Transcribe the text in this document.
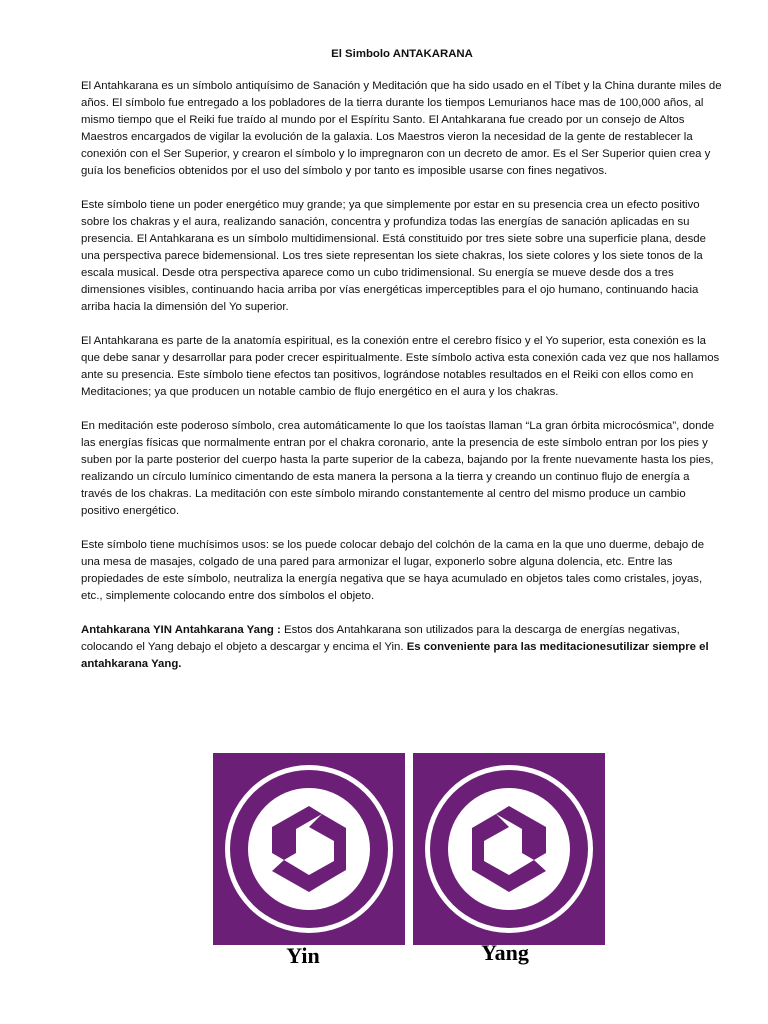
El Simbolo ANTAKARANA

El Antahkarana es un símbolo antiquísimo de Sanación y Meditación que ha sido usado en el Tíbet y la China durante miles de años. El símbolo fue entregado a los pobladores de la tierra durante los tiempos Lemurianos hace mas de 100,000 años, al mismo tiempo que el Reiki fue traído al mundo por el Espíritu Santo. El Antahkarana fue creado por un consejo de Altos Maestros encargados de vigilar la evolución de la galaxia. Los Maestros vieron la necesidad de la gente de restablecer la conexión con el Ser Superior, y crearon el símbolo y lo impregnaron con un decreto de amor. Es el Ser Superior quien crea y guía los beneficios obtenidos por el uso del símbolo y por tanto es imposible usarse con fines negativos.

Este símbolo tiene un poder energético muy grande; ya que simplemente por estar en su presencia crea un efecto positivo sobre los chakras y el aura, realizando sanación, concentra y profundiza todas las energías de sanación aplicadas en su presencia. El Antahkarana es un símbolo multidimensional. Está constituido por tres siete sobre una superficie plana, desde una perspectiva parece bidemensional. Los tres siete representan los siete chakras, los siete colores y los siete tonos de la escala musical. Desde otra perspectiva aparece como un cubo tridimensional. Su energía se mueve desde dos a tres dimensiones visibles, continuando hacia arriba por vías energéticas imperceptibles para el ojo humano, continuando hacia arriba hacia la dimensión del Yo superior.

El Antahkarana es parte de la anatomía espiritual, es la conexión entre el cerebro físico y el Yo superior, esta conexión es la que debe sanar y desarrollar para poder crecer espiritualmente. Este símbolo activa esta conexión cada vez que nos hallamos ante su presencia. Este símbolo tiene efectos tan positivos, lográndose notables resultados en el Reiki con ellos como en Meditaciones; ya que producen un notable cambio de flujo energético en el aura y los chakras.

En meditación este poderoso símbolo, crea automáticamente lo que los taoístas llaman “La gran órbita microcósmica”, donde las energías físicas que normalmente entran por el chakra coronario, ante la presencia de este símbolo entran por los pies y suben por la parte posterior del cuerpo hasta la parte superior de la cabeza, bajando por la frente nuevamente hasta los pies, realizando un círculo lumínico cimentando de esta manera la persona a la tierra y creando un continuo flujo de energía a través de los chakras. La meditación con este símbolo mirando constantemente al centro del mismo produce un cambio positivo energético.

Este símbolo tiene muchísimos usos: se los puede colocar debajo del colchón de la cama en la que uno duerme, debajo de una mesa de masajes, colgado de una pared para armonizar el lugar, exponerlo sobre alguna dolencia, etc. Entre las propiedades de este símbolo, neutraliza la energía negativa que se haya acumulado en objetos tales como cristales, joyas, etc., simplemente colocando entre dos símbolos el objeto.

Antahkarana YIN Antahkarana Yang : Estos dos Antahkarana son utilizados para la descarga de energías negativas, colocando el Yang debajo el objeto a descargar y encima el Yin. Es conveniente para las meditacionesutilizar siempre el antahkarana Yang.

Yin	Yang
